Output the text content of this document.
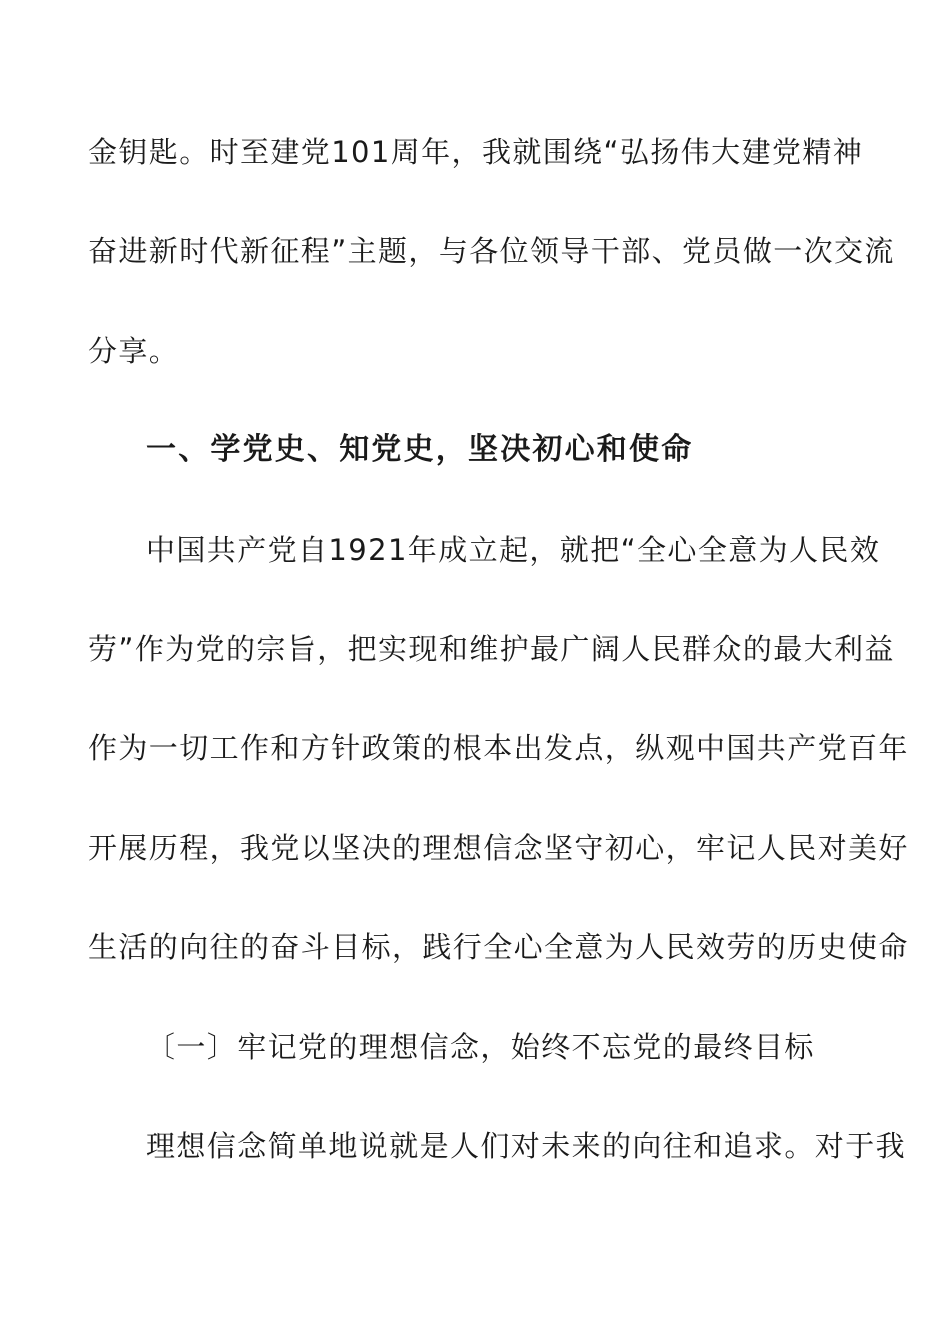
金钥匙。时至建党101周年，我就围绕“弘扬伟大建党精神
奋进新时代新征程”主题，与各位领导干部、党员做一次交流
分享。
一、学党史、知党史，坚决初心和使命
中国共产党自1921年成立起，就把“全心全意为人民效
劳”作为党的宗旨，把实现和维护最广阔人民群众的最大利益
作为一切工作和方针政策的根本出发点，纵观中国共产党百年
开展历程，我党以坚决的理想信念坚守初心，牢记人民对美好
生活的向往的奋斗目标，践行全心全意为人民效劳的历史使命
〔一〕牢记党的理想信念，始终不忘党的最终目标
理想信念简单地说就是人们对未来的向往和追求。对于我
